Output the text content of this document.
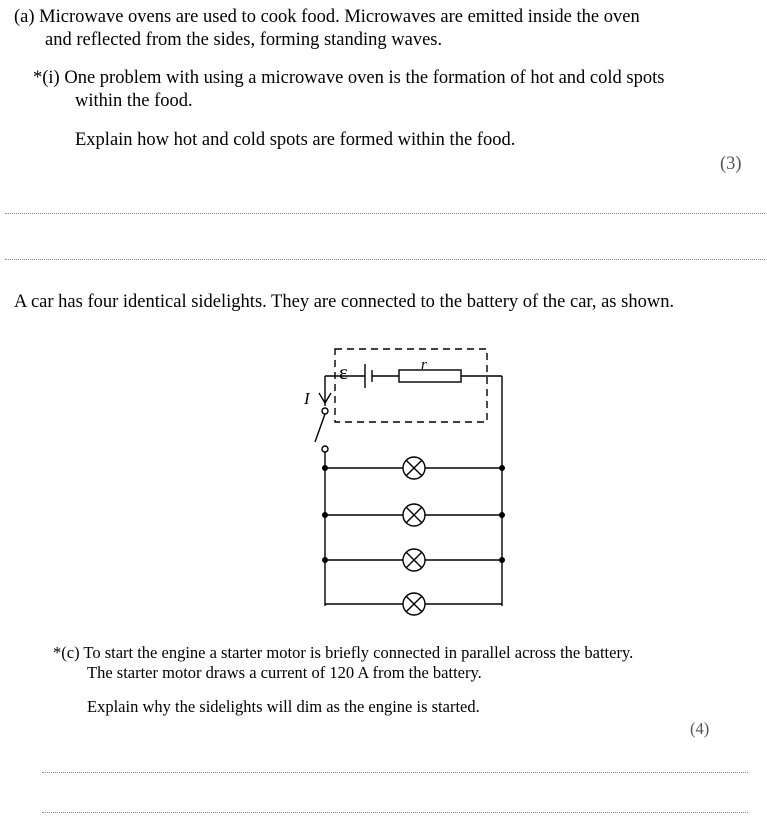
(a) Microwave ovens are used to cook food. Microwaves are emitted inside the oven
and reflected from the sides, forming standing waves.
*(i) One problem with using a microwave oven is the formation of hot and cold spots
within the food.
Explain how hot and cold spots are formed within the food.
(3)
A car has four identical sidelights. They are connected to the battery of the car, as shown.
ε	r
I
*(c) To start the engine a starter motor is briefly connected in parallel across the battery.
The starter motor draws a current of 120 A from the battery.
Explain why the sidelights will dim as the engine is started.
(4)
